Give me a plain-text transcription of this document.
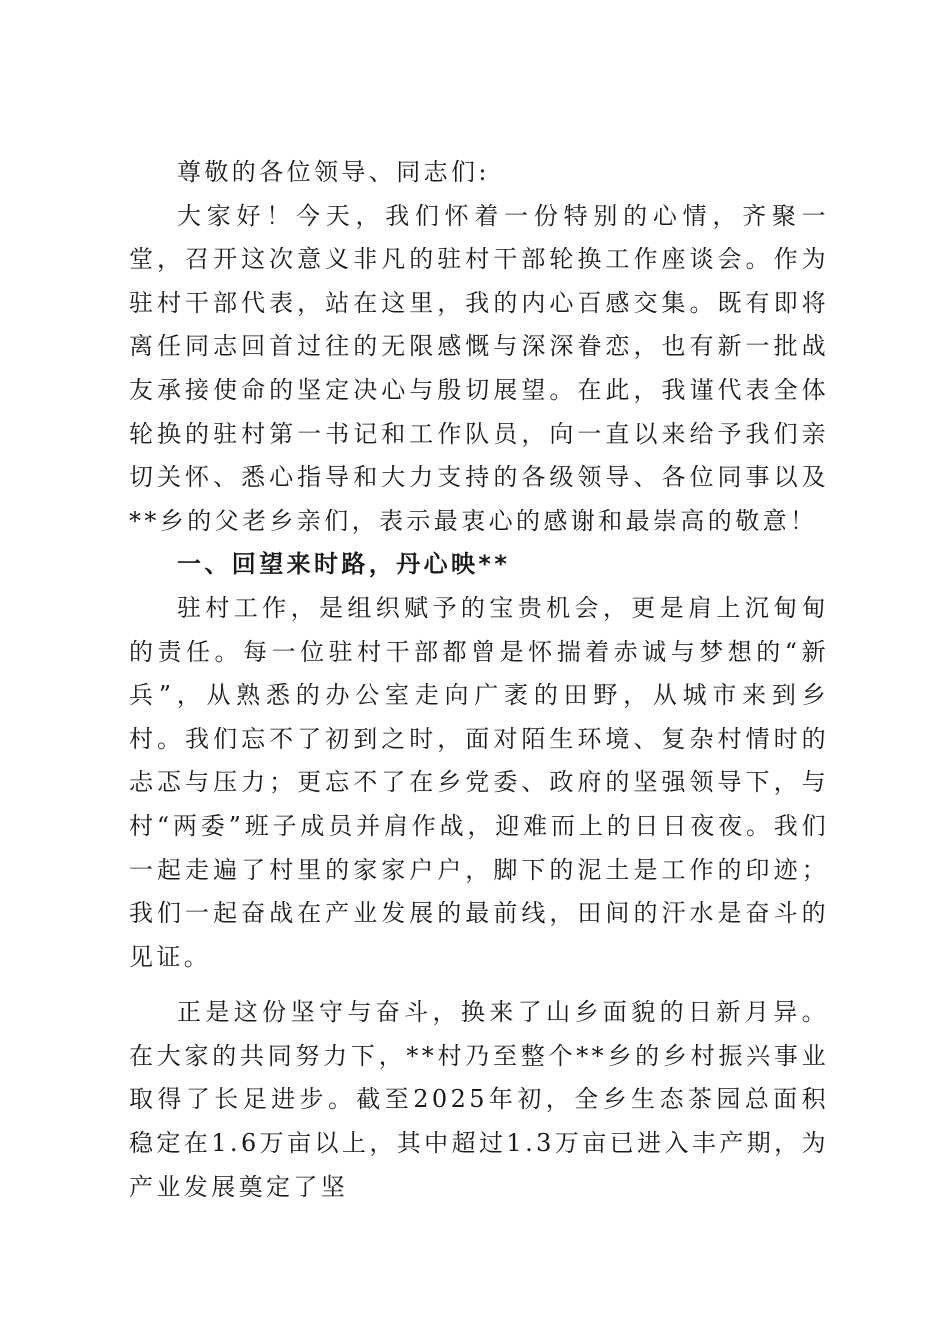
尊敬的各位领导、同志们:

大家好！今天，我们怀着一份特别的心情，齐聚一堂，召开这次意义非凡的驻村干部轮换工作座谈会。作为驻村干部代表，站在这里，我的内心百感交集。既有即将离任同志回首过往的无限感慨与深深眷恋，也有新一批战友承接使命的坚定决心与殷切展望。在此，我谨代表全体轮换的驻村第一书记和工作队员，向一直以来给予我们亲切关怀、悉心指导和大力支持的各级领导、各位同事以及**乡的父老乡亲们，表示最衷心的感谢和最崇高的敬意！

一、回望来时路，丹心映**

驻村工作，是组织赋予的宝贵机会，更是肩上沉甸甸的责任。每一位驻村干部都曾是怀揣着赤诚与梦想的“新兵”，从熟悉的办公室走向广袤的田野，从城市来到乡村。我们忘不了初到之时，面对陌生环境、复杂村情时的忐忑与压力；更忘不了在乡党委、政府的坚强领导下，与村“两委”班子成员并肩作战，迎难而上的日日夜夜。我们一起走遍了村里的家家户户，脚下的泥土是工作的印迹；我们一起奋战在产业发展的最前线，田间的汗水是奋斗的见证。

正是这份坚守与奋斗，换来了山乡面貌的日新月异。在大家的共同努力下，**村乃至整个**乡的乡村振兴事业取得了长足进步。截至2025年初，全乡生态茶园总面积稳定在1.6万亩以上，其中超过1.3万亩已进入丰产期，为产业发展奠定了坚
